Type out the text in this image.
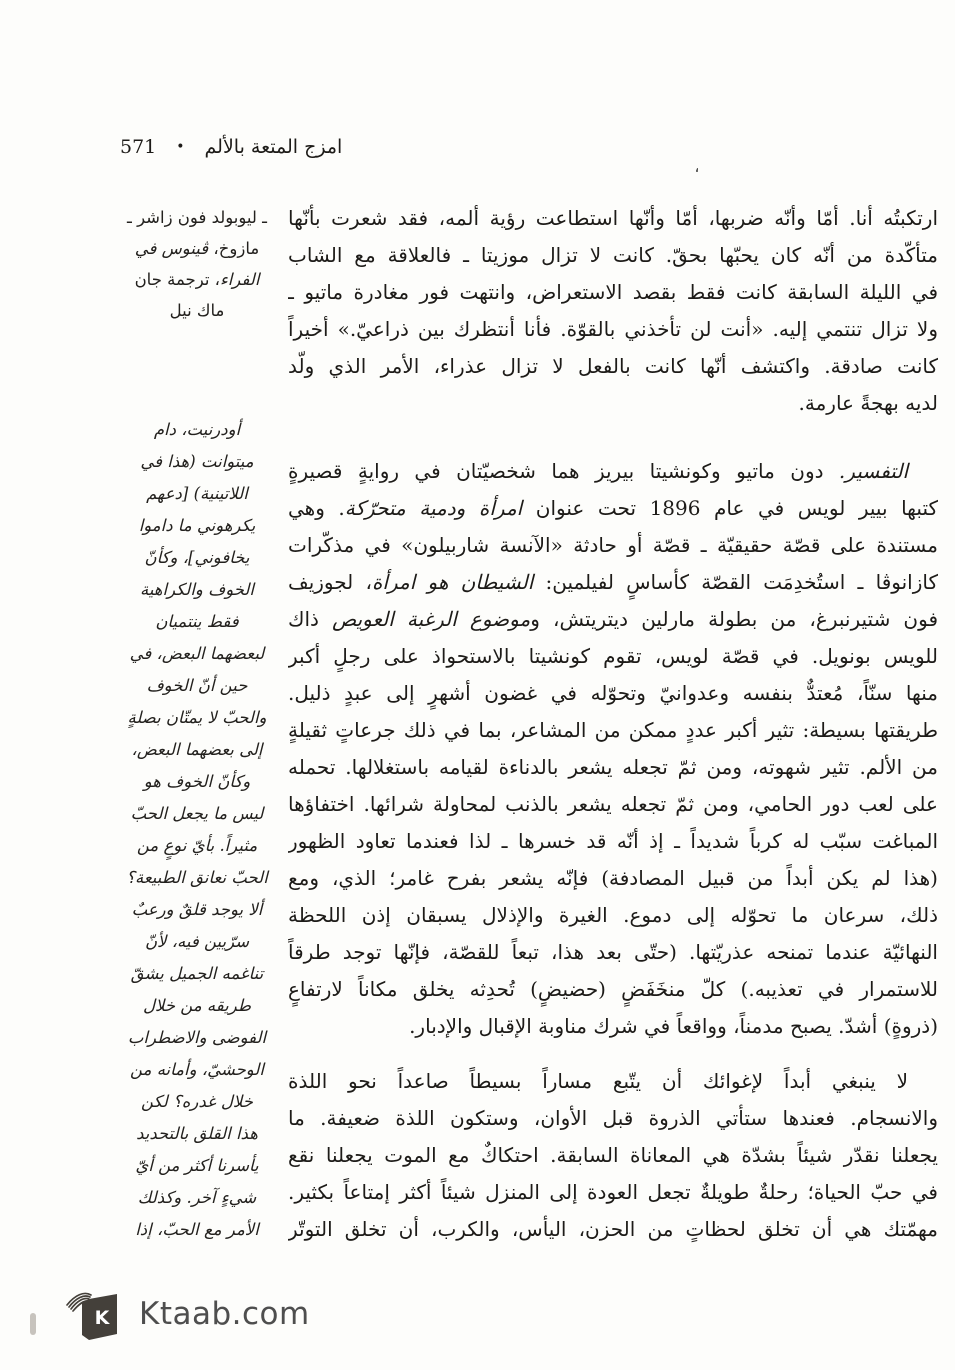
571 • امزج المتعة بالألم
،
ـ ليوبولد فون زاشر ـ
مازوخ، ڤينوس في
الفراء، ترجمة جان
ماك نيل
أودرنيت، دام
ميتوانت (هذا في
اللاتينية) [دعهم
يكرهوني ما داموا
يخافوني]، وكأنّ
الخوف والكراهية
فقط ينتميان
لبعضهما البعض، في
حين أنّ الخوف
والحبّ لا يمتّان بصلةٍ
إلى بعضهما البعض،
وكأنّ الخوف هو
ليس ما يجعل الحبّ
مثيراً. بأيّ نوعٍ من
الحبّ نعانق الطبيعة؟
ألا يوجد قلقٌ ورعبٌ
سرّيين فيه، لأنّ
تناغمه الجميل يشقّ
طريقه من خلال
الفوضى والاضطراب
الوحشيّ، وأمانه من
خلال غدره؟ لكن
هذا القلق بالتحديد
يأسرنا أكثر من أيّ
شيءٍ آخر. وكذلك
الأمر مع الحبّ، إذا
ارتكبتُه أنا. أمّا وأنّه ضربها، أمّا وأنّها استطاعت رؤية ألمه، فقد شعرت بأنّها
متأكّدة من أنّه كان يحبّها بحقّ. كانت لا تزال موزيتا ـ فالعلاقة مع الشاب
في الليلة السابقة كانت فقط بقصد الاستعراض، وانتهت فور مغادرة ماتيو ـ
ولا تزال تنتمي إليه. «أنت لن تأخذني بالقوّة. فأنا أنتظرك بين ذراعيّ.» أخيراً
كانت صادقة. واكتشف أنّها كانت بالفعل لا تزال عذراء، الأمر الذي ولّد
لديه بهجةً عارمة.
التفسير. دون ماتيو وكونشيتا بيريز هما شخصيّتان في روايةٍ قصيرةٍ
كتبها بيير لويس في عام 1896 تحت عنوان امرأة ودمية متحرّكة. وهي
مستندة على قصّة حقيقيّة ـ قصّة أو حادثة «الآنسة شاربيلون» في مذكّرات
كازانوڤا ـ استُخدِمَت القصّة كأساسٍ لفيلمين: الشيطان هو امرأة، لجوزيف
فون شتيرنبرغ، من بطولة مارلين ديتريتش، وموضوع الرغبة العويص ذاك
للويس بونويل. في قصّة لويس، تقوم كونشيتا بالاستحواذ على رجلٍ أكبر
منها سنّاً، مُعتدٌّ بنفسه وعدوانيّ وتحوّله في غضون أشهرٍ إلى عبدٍ ذليل.
طريقتها بسيطة: تثير أكبر عددٍ ممكن من المشاعر، بما في ذلك جرعاتٍ ثقيلةٍ
من الألم. تثير شهوته، ومن ثمّ تجعله يشعر بالدناءة لقيامه باستغلالها. تحمله
على لعب دور الحامي، ومن ثمّ تجعله يشعر بالذنب لمحاولة شرائها. اختفاؤها
المباغت سبّب له كرباً شديداً ـ إذ أنّه قد خسرها ـ لذا فعندما تعاود الظهور
(هذا لم يكن أبداً من قبيل المصادفة) فإنّه يشعر بفرح غامر؛ الذي، ومع
ذلك، سرعان ما تحوّله إلى دموع. الغيرة والإذلال يسبقان إذن اللحظة
النهائيّة عندما تمنحه عذريّتها. (حتّى بعد هذا، تبعاً للقصّة، فإنّها توجد طرقاً
للاستمرار في تعذيبه.) كلّ منخَفَضٍ (حضيضٍ) تُحدِثه يخلق مكاناً لارتفاعٍ
(ذروةٍ) أشدّ. يصبح مدمناً، وواقعاً في شرك مناوبة الإقبال والإدبار.
لا ينبغي أبداً لإغوائك أن يتّبع مساراً بسيطاً صاعداً نحو اللذة
والانسجام. فعندها ستأتي الذروة قبل الأوان، وستكون اللذة ضعيفة. ما
يجعلنا نقدّر شيئاً بشدّة هي المعاناة السابقة. احتكاكٌ مع الموت يجعلنا نقع
في حبّ الحياة؛ رحلةٌ طويلةٌ تجعل العودة إلى المنزل شيئاً أكثر إمتاعاً بكثير.
مهمّتك هي أن تخلق لحظاتٍ من الحزن، اليأس، والكرب، أن تخلق التوتّر
K Ktaab.com
